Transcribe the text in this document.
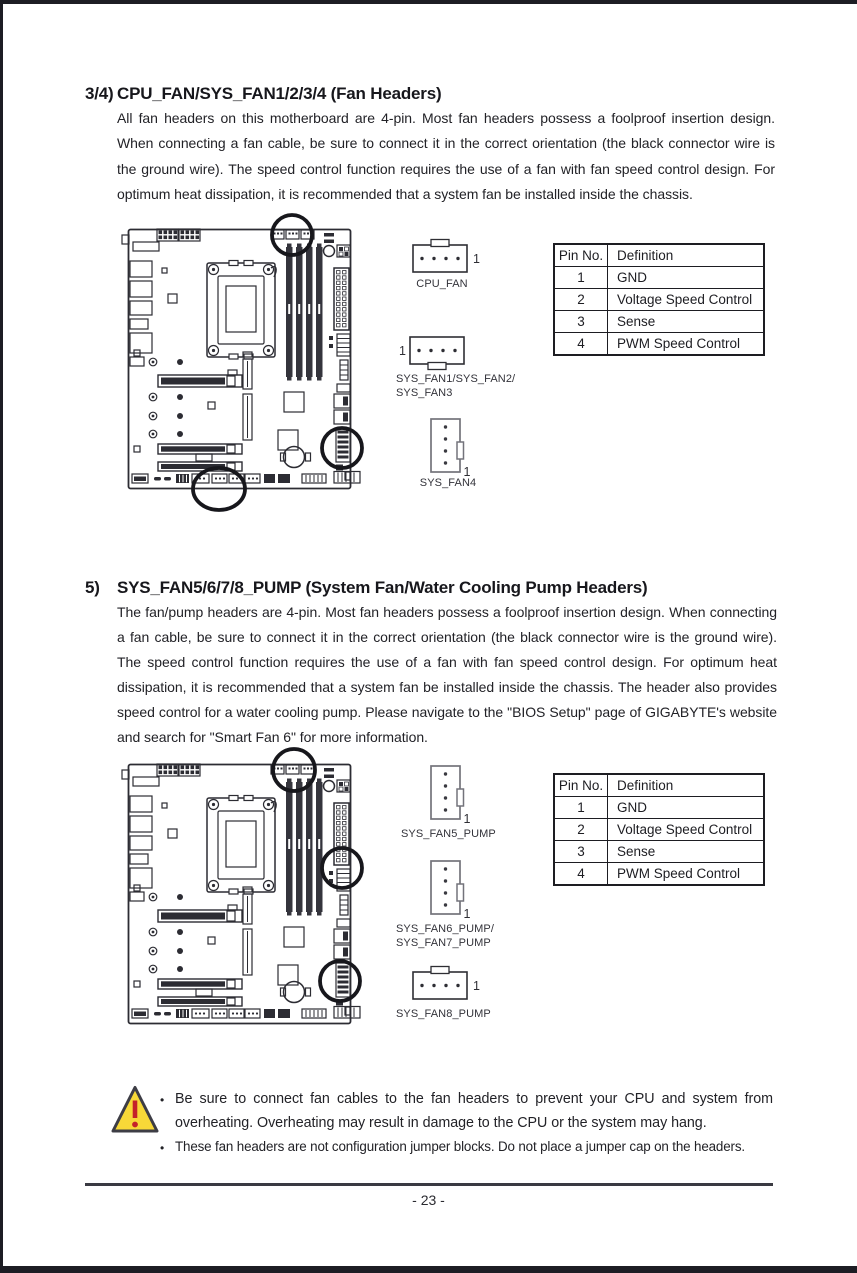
3/4) CPU_FAN/SYS_FAN1/2/3/4 (Fan Headers)

All fan headers on this motherboard are 4-pin. Most fan headers possess a foolproof insertion design. When connecting a fan cable, be sure to connect it in the correct orientation (the black connector wire is the ground wire). The speed control function requires the use of a fan with fan speed control design. For optimum heat dissipation, it is recommended that a system fan be installed inside the chassis.

1
CPU_FAN
1
SYS_FAN1/SYS_FAN2/
SYS_FAN3
1
SYS_FAN4
Pin No.	Definition
1	GND
2	Voltage Speed Control
3	Sense
4	PWM Speed Control
5)	SYS_FAN5/6/7/8_PUMP (System Fan/Water Cooling Pump Headers)

The fan/pump headers are 4-pin. Most fan headers possess a foolproof insertion design. When connecting a fan cable, be sure to connect it in the correct orientation (the black connector wire is the ground wire). The speed control function requires the use of a fan with fan speed control design. For optimum heat dissipation, it is recommended that a system fan be installed inside the chassis. The header also provides speed control for a water cooling pump. Please navigate to the "BIOS Setup" page of GIGABYTE's website and search for "Smart Fan 6" for more information.

1
SYS_FAN5_PUMP
1
SYS_FAN6_PUMP/
SYS_FAN7_PUMP
1
SYS_FAN8_PUMP
Pin No.	Definition
1	GND
2	Voltage Speed Control
3	Sense
4	PWM Speed Control
• Be sure to connect fan cables to the fan headers to prevent your CPU and system from overheating. Overheating may result in damage to the CPU or the system may hang.
• These fan headers are not configuration jumper blocks. Do not place a jumper cap on the headers.
- 23 -
